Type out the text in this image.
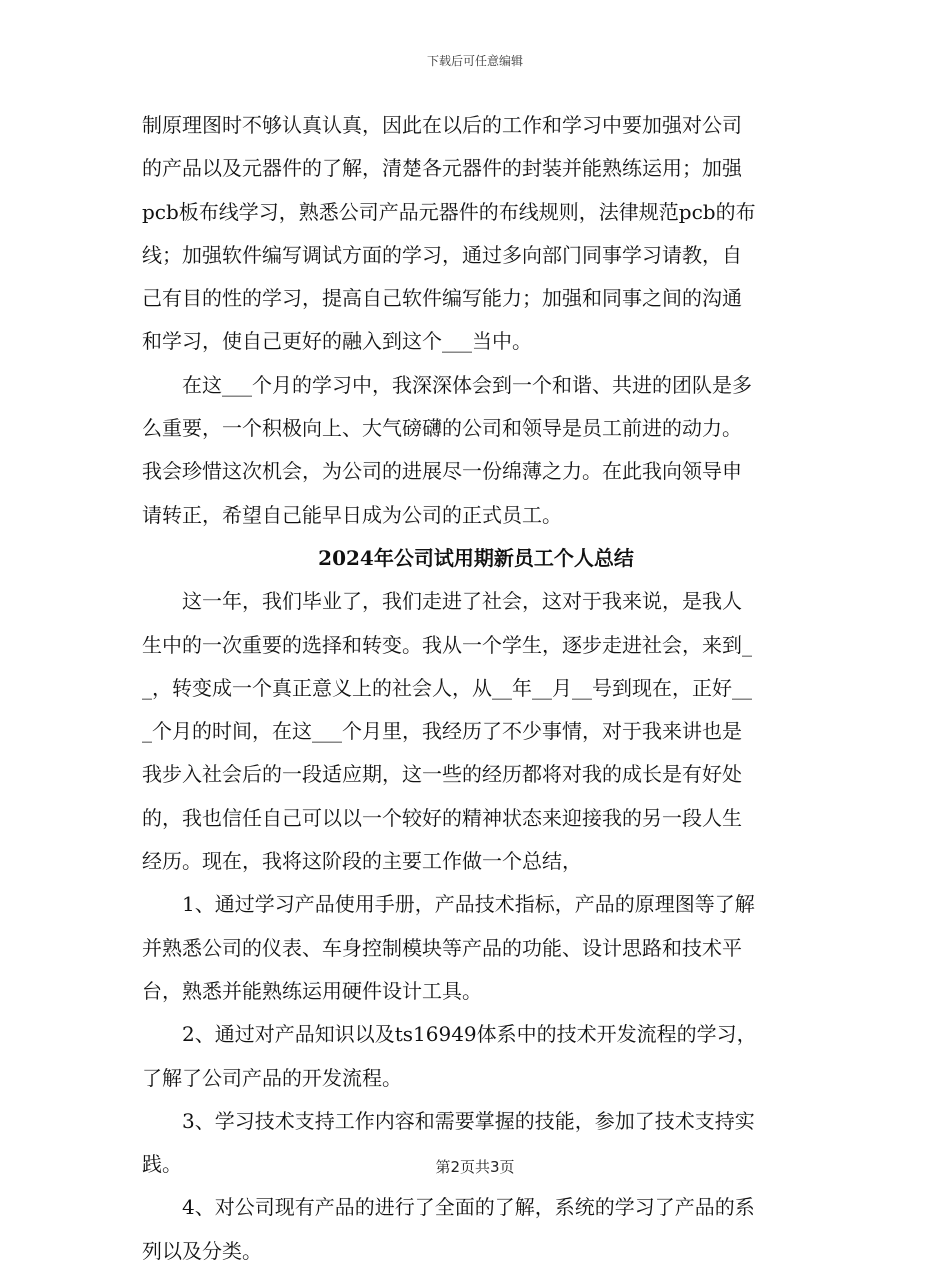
下载后可任意编辑
制原理图时不够认真认真，因此在以后的工作和学习中要加强对公司
的产品以及元器件的了解，清楚各元器件的封装并能熟练运用；加强
pcb板布线学习，熟悉公司产品元器件的布线规则，法律规范pcb的布
线；加强软件编写调试方面的学习，通过多向部门同事学习请教，自
己有目的性的学习，提高自己软件编写能力；加强和同事之间的沟通
和学习，使自己更好的融入到这个___当中。
在这___个月的学习中，我深深体会到一个和谐、共进的团队是多
么重要，一个积极向上、大气磅礴的公司和领导是员工前进的动力。
我会珍惜这次机会，为公司的进展尽一份绵薄之力。在此我向领导申
请转正，希望自己能早日成为公司的正式员工。
2024年公司试用期新员工个人总结
这一年，我们毕业了，我们走进了社会，这对于我来说，是我人
生中的一次重要的选择和转变。我从一个学生，逐步走进社会，来到_
_，转变成一个真正意义上的社会人，从__年__月__号到现在，正好__
_个月的时间，在这___个月里，我经历了不少事情，对于我来讲也是
我步入社会后的一段适应期，这一些的经历都将对我的成长是有好处
的，我也信任自己可以以一个较好的精神状态来迎接我的另一段人生
经历。现在，我将这阶段的主要工作做一个总结，
1、通过学习产品使用手册，产品技术指标，产品的原理图等了解
并熟悉公司的仪表、车身控制模块等产品的功能、设计思路和技术平
台，熟悉并能熟练运用硬件设计工具。
2、通过对产品知识以及ts16949体系中的技术开发流程的学习，
了解了公司产品的开发流程。
3、学习技术支持工作内容和需要掌握的技能，参加了技术支持实
践。
4、对公司现有产品的进行了全面的了解，系统的学习了产品的系
列以及分类。
第2页共3页
